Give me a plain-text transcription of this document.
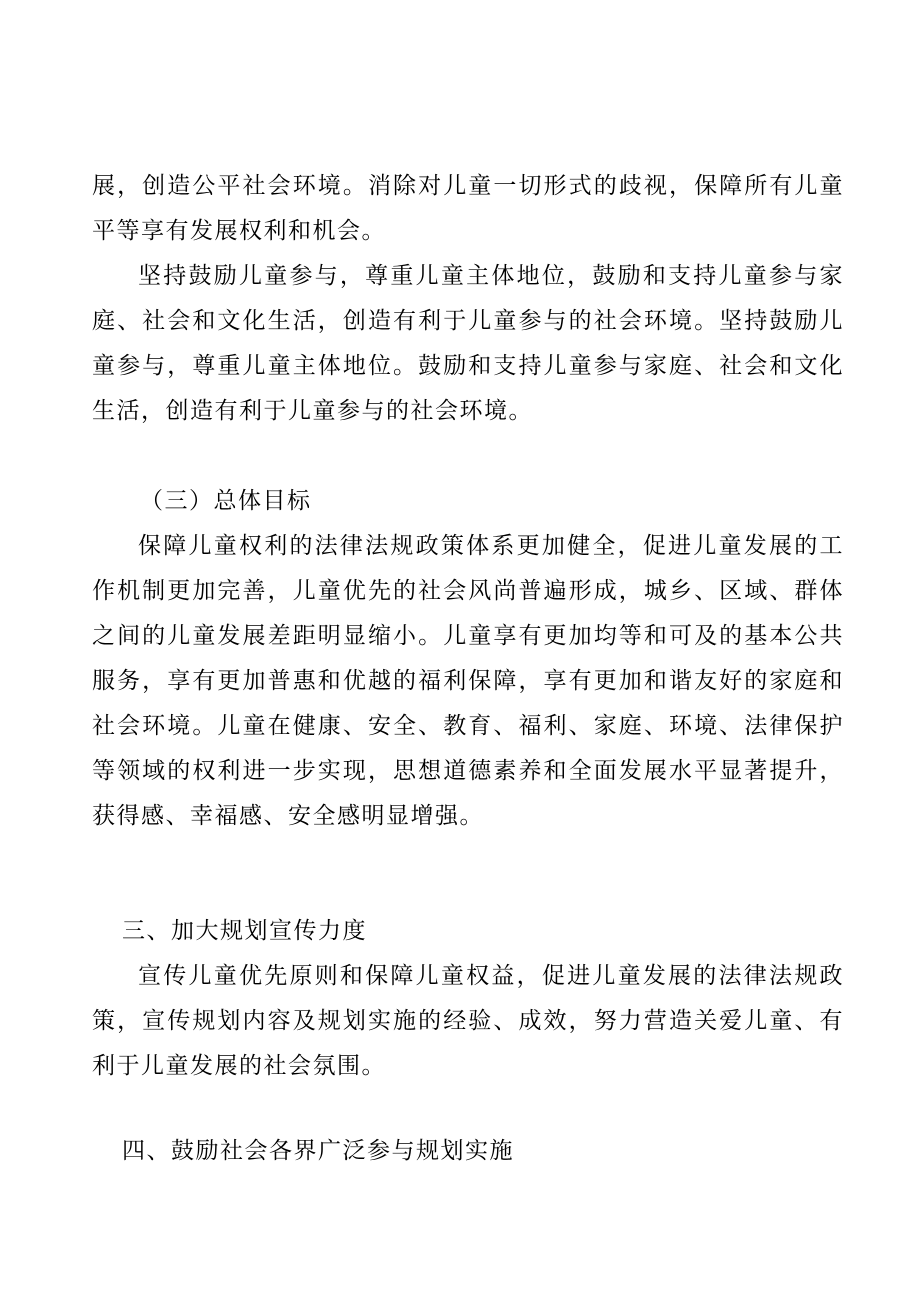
展，创造公平社会环境。消除对儿童一切形式的歧视，保障所有儿童平等享有发展权利和机会。

坚持鼓励儿童参与，尊重儿童主体地位，鼓励和支持儿童参与家庭、社会和文化生活，创造有利于儿童参与的社会环境。坚持鼓励儿童参与，尊重儿童主体地位。鼓励和支持儿童参与家庭、社会和文化生活，创造有利于儿童参与的社会环境。

（三）总体目标

保障儿童权利的法律法规政策体系更加健全，促进儿童发展的工作机制更加完善，儿童优先的社会风尚普遍形成，城乡、区域、群体之间的儿童发展差距明显缩小。儿童享有更加均等和可及的基本公共服务，享有更加普惠和优越的福利保障，享有更加和谐友好的家庭和社会环境。儿童在健康、安全、教育、福利、家庭、环境、法律保护等领域的权利进一步实现，思想道德素养和全面发展水平显著提升，获得感、幸福感、安全感明显增强。

三、加大规划宣传力度

宣传儿童优先原则和保障儿童权益，促进儿童发展的法律法规政策，宣传规划内容及规划实施的经验、成效，努力营造关爱儿童、有利于儿童发展的社会氛围。

四、鼓励社会各界广泛参与规划实施
